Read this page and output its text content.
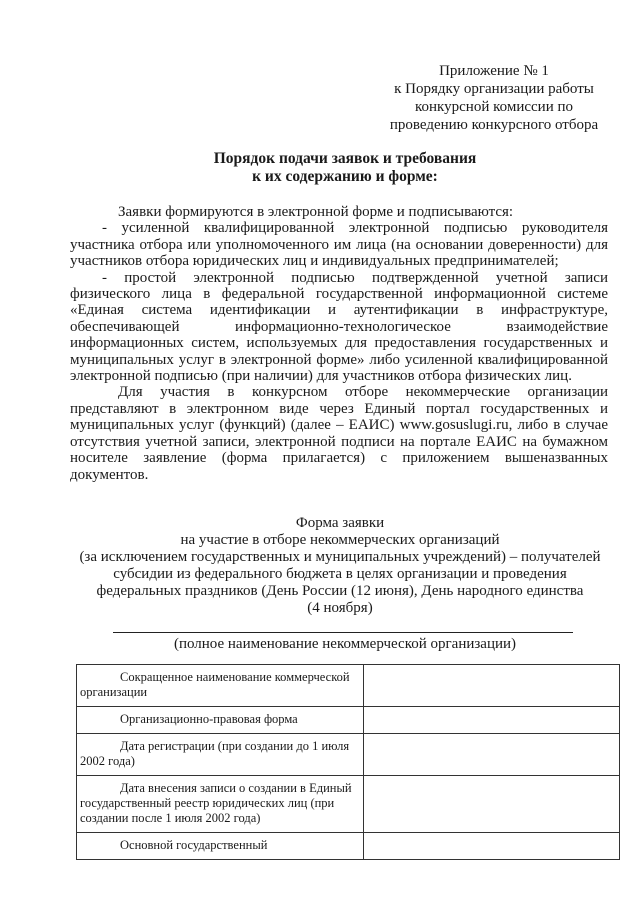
Приложение № 1
к Порядку организации работы
конкурсной комиссии по
проведению конкурсного отбора
Порядок подачи заявок и требования
к их содержанию и форме:

Заявки формируются в электронной форме и подписываются:

- усиленной квалифицированной электронной подписью руководителя участника отбора или уполномоченного им лица (на основании доверенности) для участников отбора юридических лиц и индивидуальных предпринимателей;

- простой электронной подписью подтвержденной учетной записи физического лица в федеральной государственной информационной системе «Единая система идентификации и аутентификации в инфраструктуре, обеспечивающей информационно-технологическое взаимодействие информационных систем, используемых для предоставления государственных и муниципальных услуг в электронной форме» либо усиленной квалифицированной электронной подписью (при наличии) для участников отбора физических лиц.

Для участия в конкурсном отборе некоммерческие организации представляют в электронном виде через Единый портал государственных и муниципальных услуг (функций) (далее – ЕАИС) www.gosuslugi.ru, либо в случае отсутствия учетной записи, электронной подписи на портале ЕАИС на бумажном носителе заявление (форма прилагается) с приложением вышеназванных документов.

Форма заявки
на участие в отборе некоммерческих организаций
(за исключением государственных и муниципальных учреждений) – получателей
субсидии из федерального бюджета в целях организации и проведения
федеральных праздников (День России (12 июня), День народного единства
(4 ноября)
(полное наименование некоммерческой организации)
Сокращенное наименование коммерческой организации	

Организационно-правовая форма	

Дата регистрации (при создании до 1 июля 2002 года)	

Дата внесения записи о создании в Единый государственный реестр юридических лиц (при создании после 1 июля 2002 года)	

Основной государственный	
